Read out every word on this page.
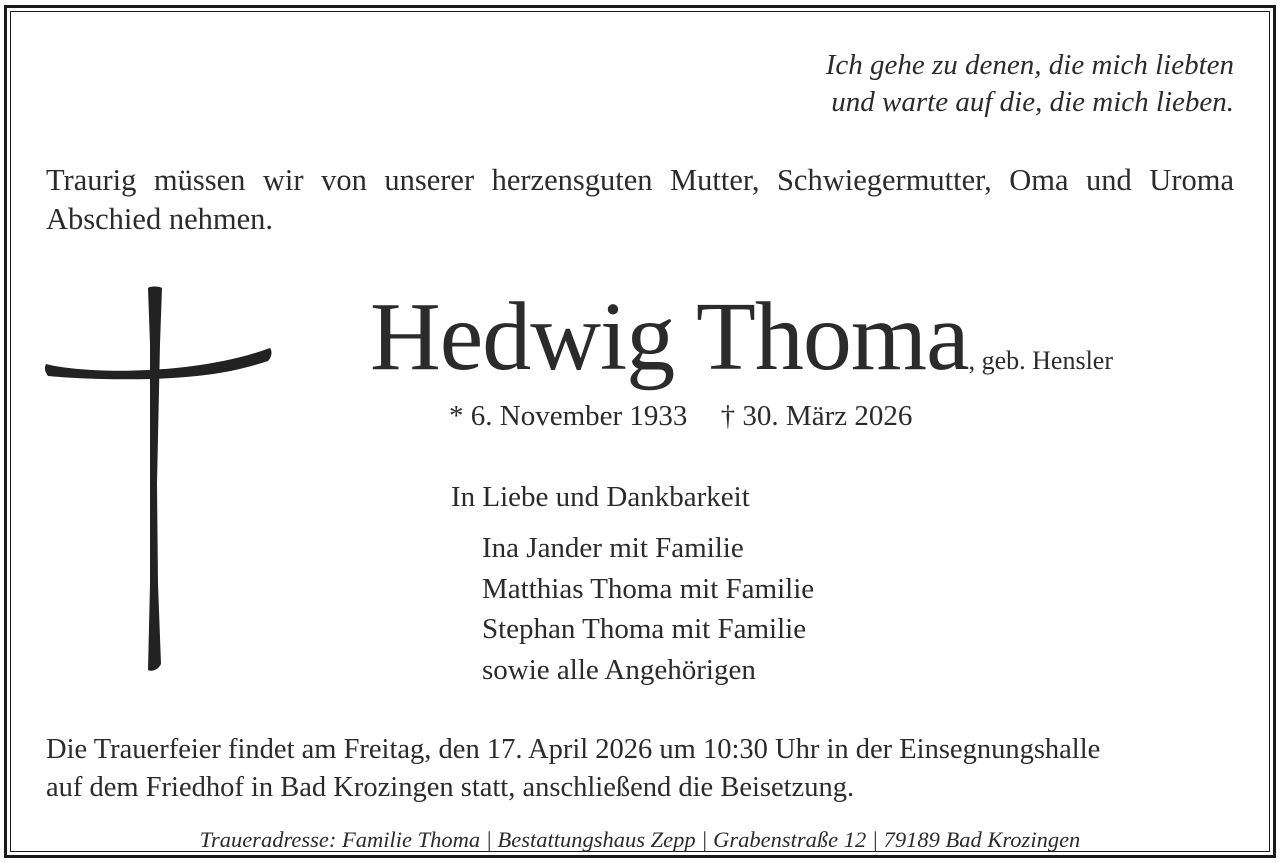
Ich gehe zu denen, die mich liebten
und warte auf die, die mich lieben.
Traurig müssen wir von unserer herzensguten Mutter, Schwiegermutter, Oma und Uroma Abschied nehmen.
Hedwig Thoma, geb. Hensler
* 6. November 1933 † 30. März 2026
In Liebe und Dankbarkeit
Ina Jander mit Familie
Matthias Thoma mit Familie
Stephan Thoma mit Familie
sowie alle Angehörigen
Die Trauerfeier findet am Freitag, den 17. April 2026 um 10:30 Uhr in der Einsegnungshalle
auf dem Friedhof in Bad Krozingen statt, anschließend die Beisetzung.
Traueradresse: Familie Thoma | Bestattungshaus Zepp | Grabenstraße 12 | 79189 Bad Krozingen
